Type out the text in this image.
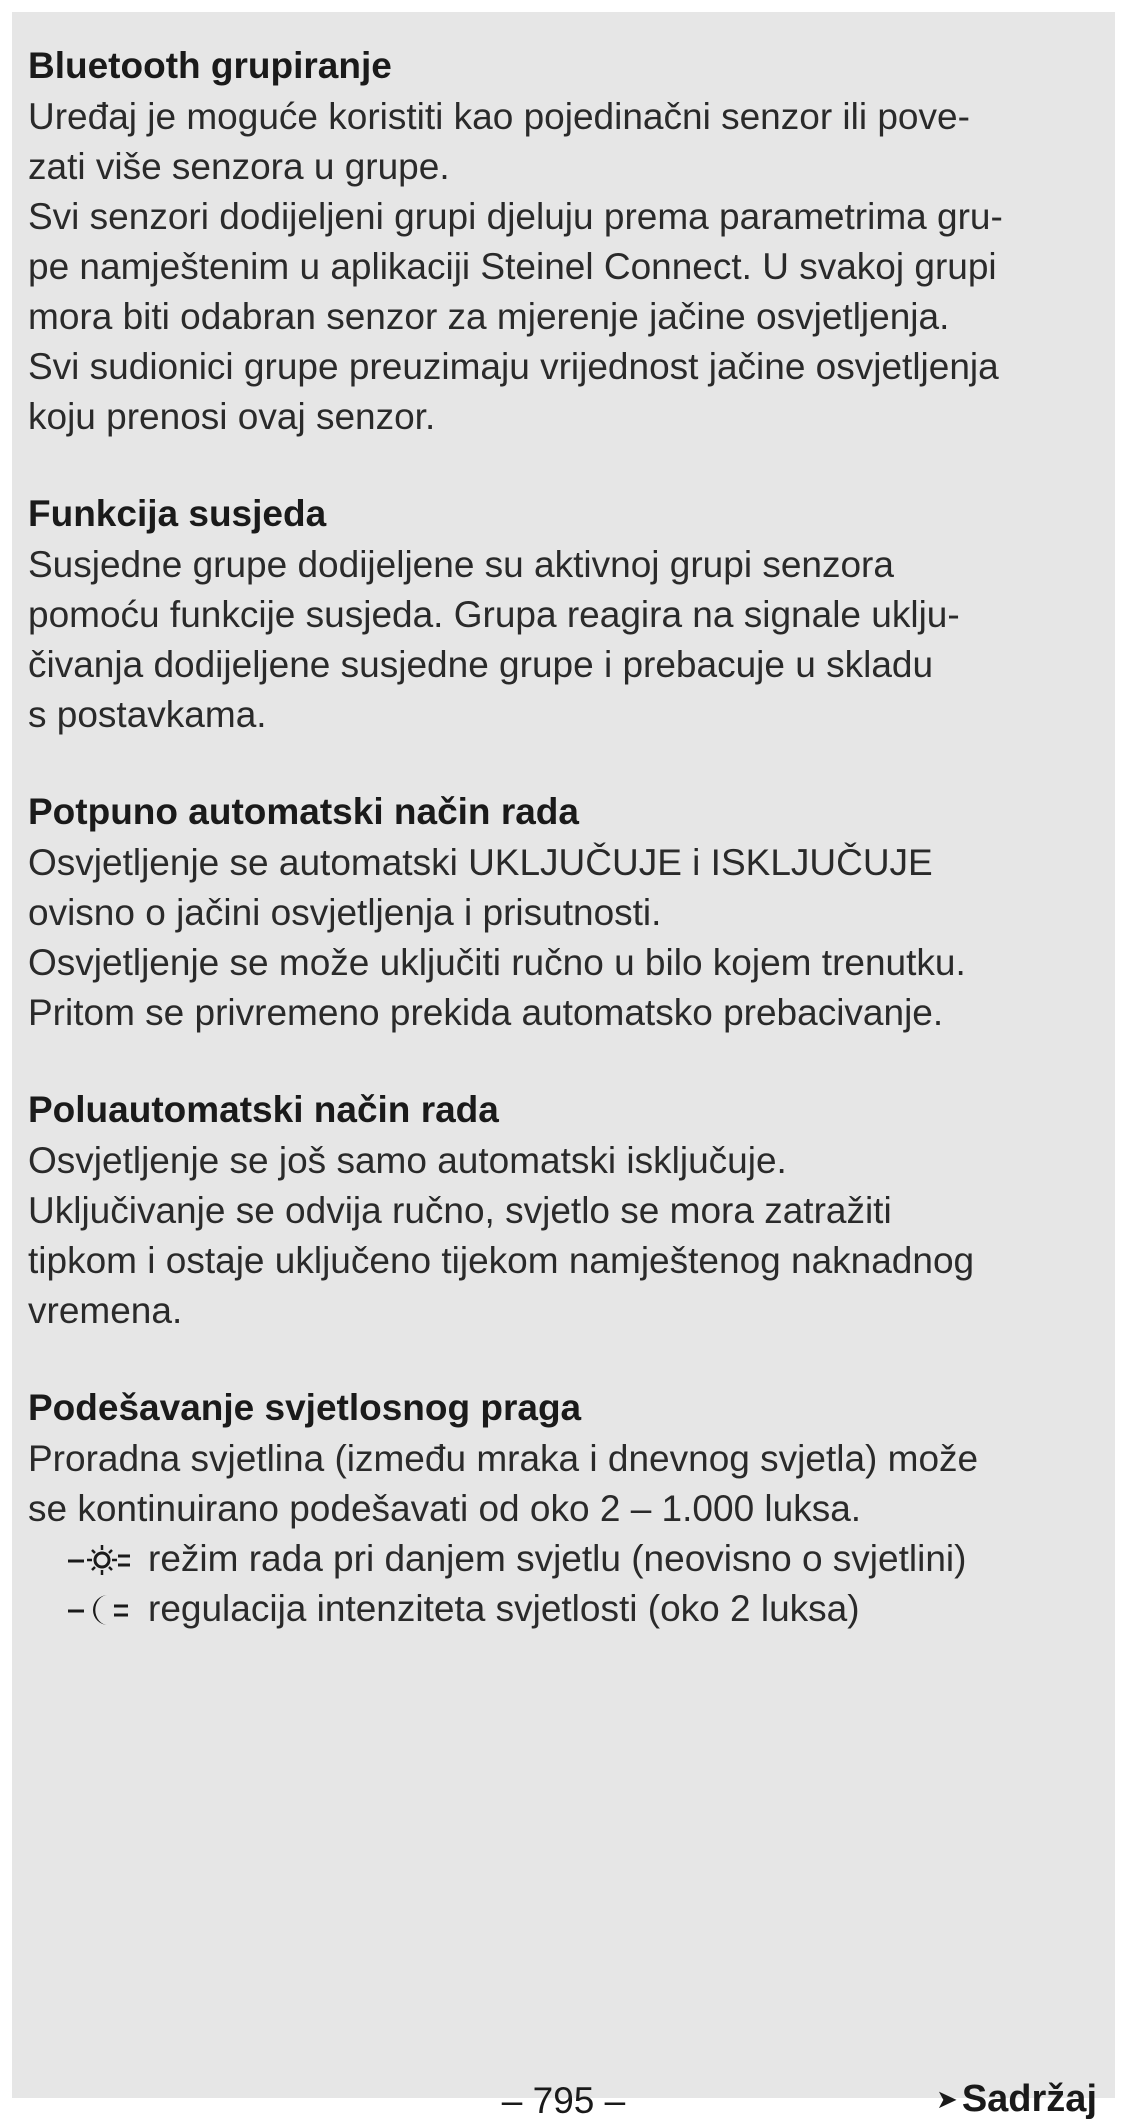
Bluetooth grupiranje

Uređaj je moguće koristiti kao pojedinačni senzor ili pove-
zati više senzora u grupe.
Svi senzori dodijeljeni grupi djeluju prema parametrima gru-
pe namještenim u aplikaciji Steinel Connect. U svakoj grupi
mora biti odabran senzor za mjerenje jačine osvjetljenja.
Svi sudionici grupe preuzimaju vrijednost jačine osvjetljenja
koju prenosi ovaj senzor.

Funkcija susjeda

Susjedne grupe dodijeljene su aktivnoj grupi senzora
pomoću funkcije susjeda. Grupa reagira na signale uklju-
čivanja dodijeljene susjedne grupe i prebacuje u skladu
s postavkama.

Potpuno automatski način rada

Osvjetljenje se automatski UKLJUČUJE i ISKLJUČUJE
ovisno o jačini osvjetljenja i prisutnosti.
Osvjetljenje se može uključiti ručno u bilo kojem trenutku.
Pritom se privremeno prekida automatsko prebacivanje.

Poluautomatski način rada

Osvjetljenje se još samo automatski isključuje.
Uključivanje se odvija ručno, svjetlo se mora zatražiti
tipkom i ostaje uključeno tijekom namještenog naknadnog
vremena.

Podešavanje svjetlosnog praga

Proradna svjetlina (između mraka i dnevnog svjetla) može
se kontinuirano podešavati od oko 2 – 1.000 luksa.

režim rada pri danjem svjetlu (neovisno o svjetlini)
regulacija intenziteta svjetlosti (oko 2 luksa)
– 795 –	➤ Sadržaj
